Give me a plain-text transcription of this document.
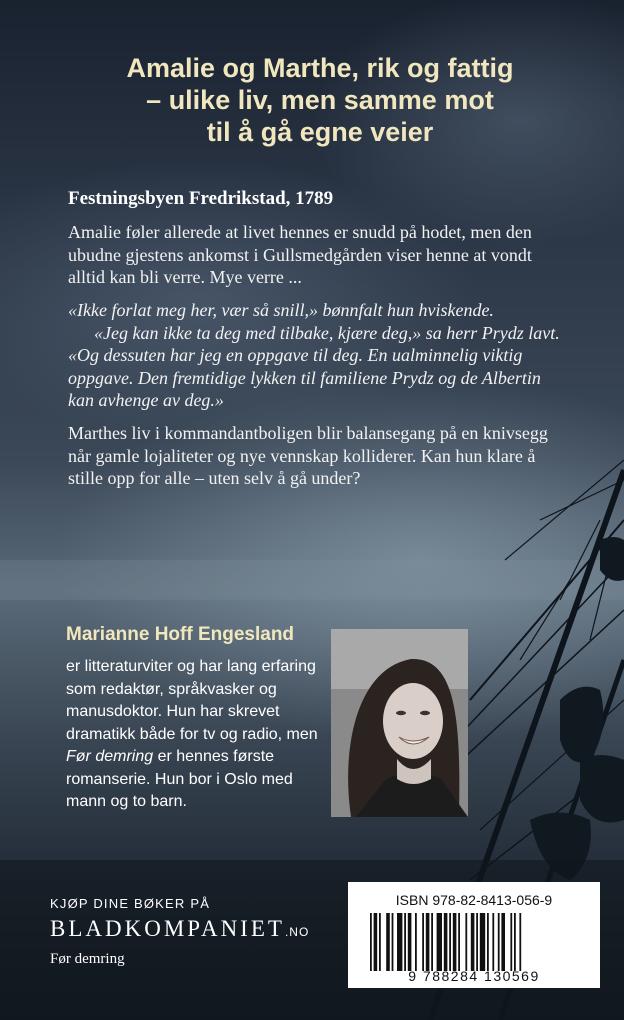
Amalie og Marthe, rik og fattig
– ulike liv, men samme mot
til å gå egne veier
Festningsbyen Fredrikstad, 1789

Amalie føler allerede at livet hennes er snudd på hodet, men den ubudne gjestens ankomst i Gullsmedgården viser henne at vondt alltid kan bli verre. Mye verre ...

«Ikke forlat meg her, vær så snill,» bønnfalt hun hviskende.
«Jeg kan ikke ta deg med tilbake, kjære deg,» sa herr Prydz lavt. «Og dessuten har jeg en oppgave til deg. En ualminnelig viktig oppgave. Den fremtidige lykken til familiene Prydz og de Albertin kan avhenge av deg.»

Marthes liv i kommandantboligen blir balansegang på en knivsegg når gamle lojaliteter og nye vennskap kolliderer. Kan hun klare å stille opp for alle – uten selv å gå under?

Marianne Hoff Engesland

er litteraturviter og har lang erfaring som redaktør, språkvasker og manusdoktor. Hun har skrevet dramatikk både for tv og radio, men Før demring er hennes første romanserie. Hun bor i Oslo med mann og to barn.

KJØP DINE BØKER PÅ
BLADKOMPANIET.NO
Før demring
ISBN 978-82-8413-056-9
9 788284 130569
